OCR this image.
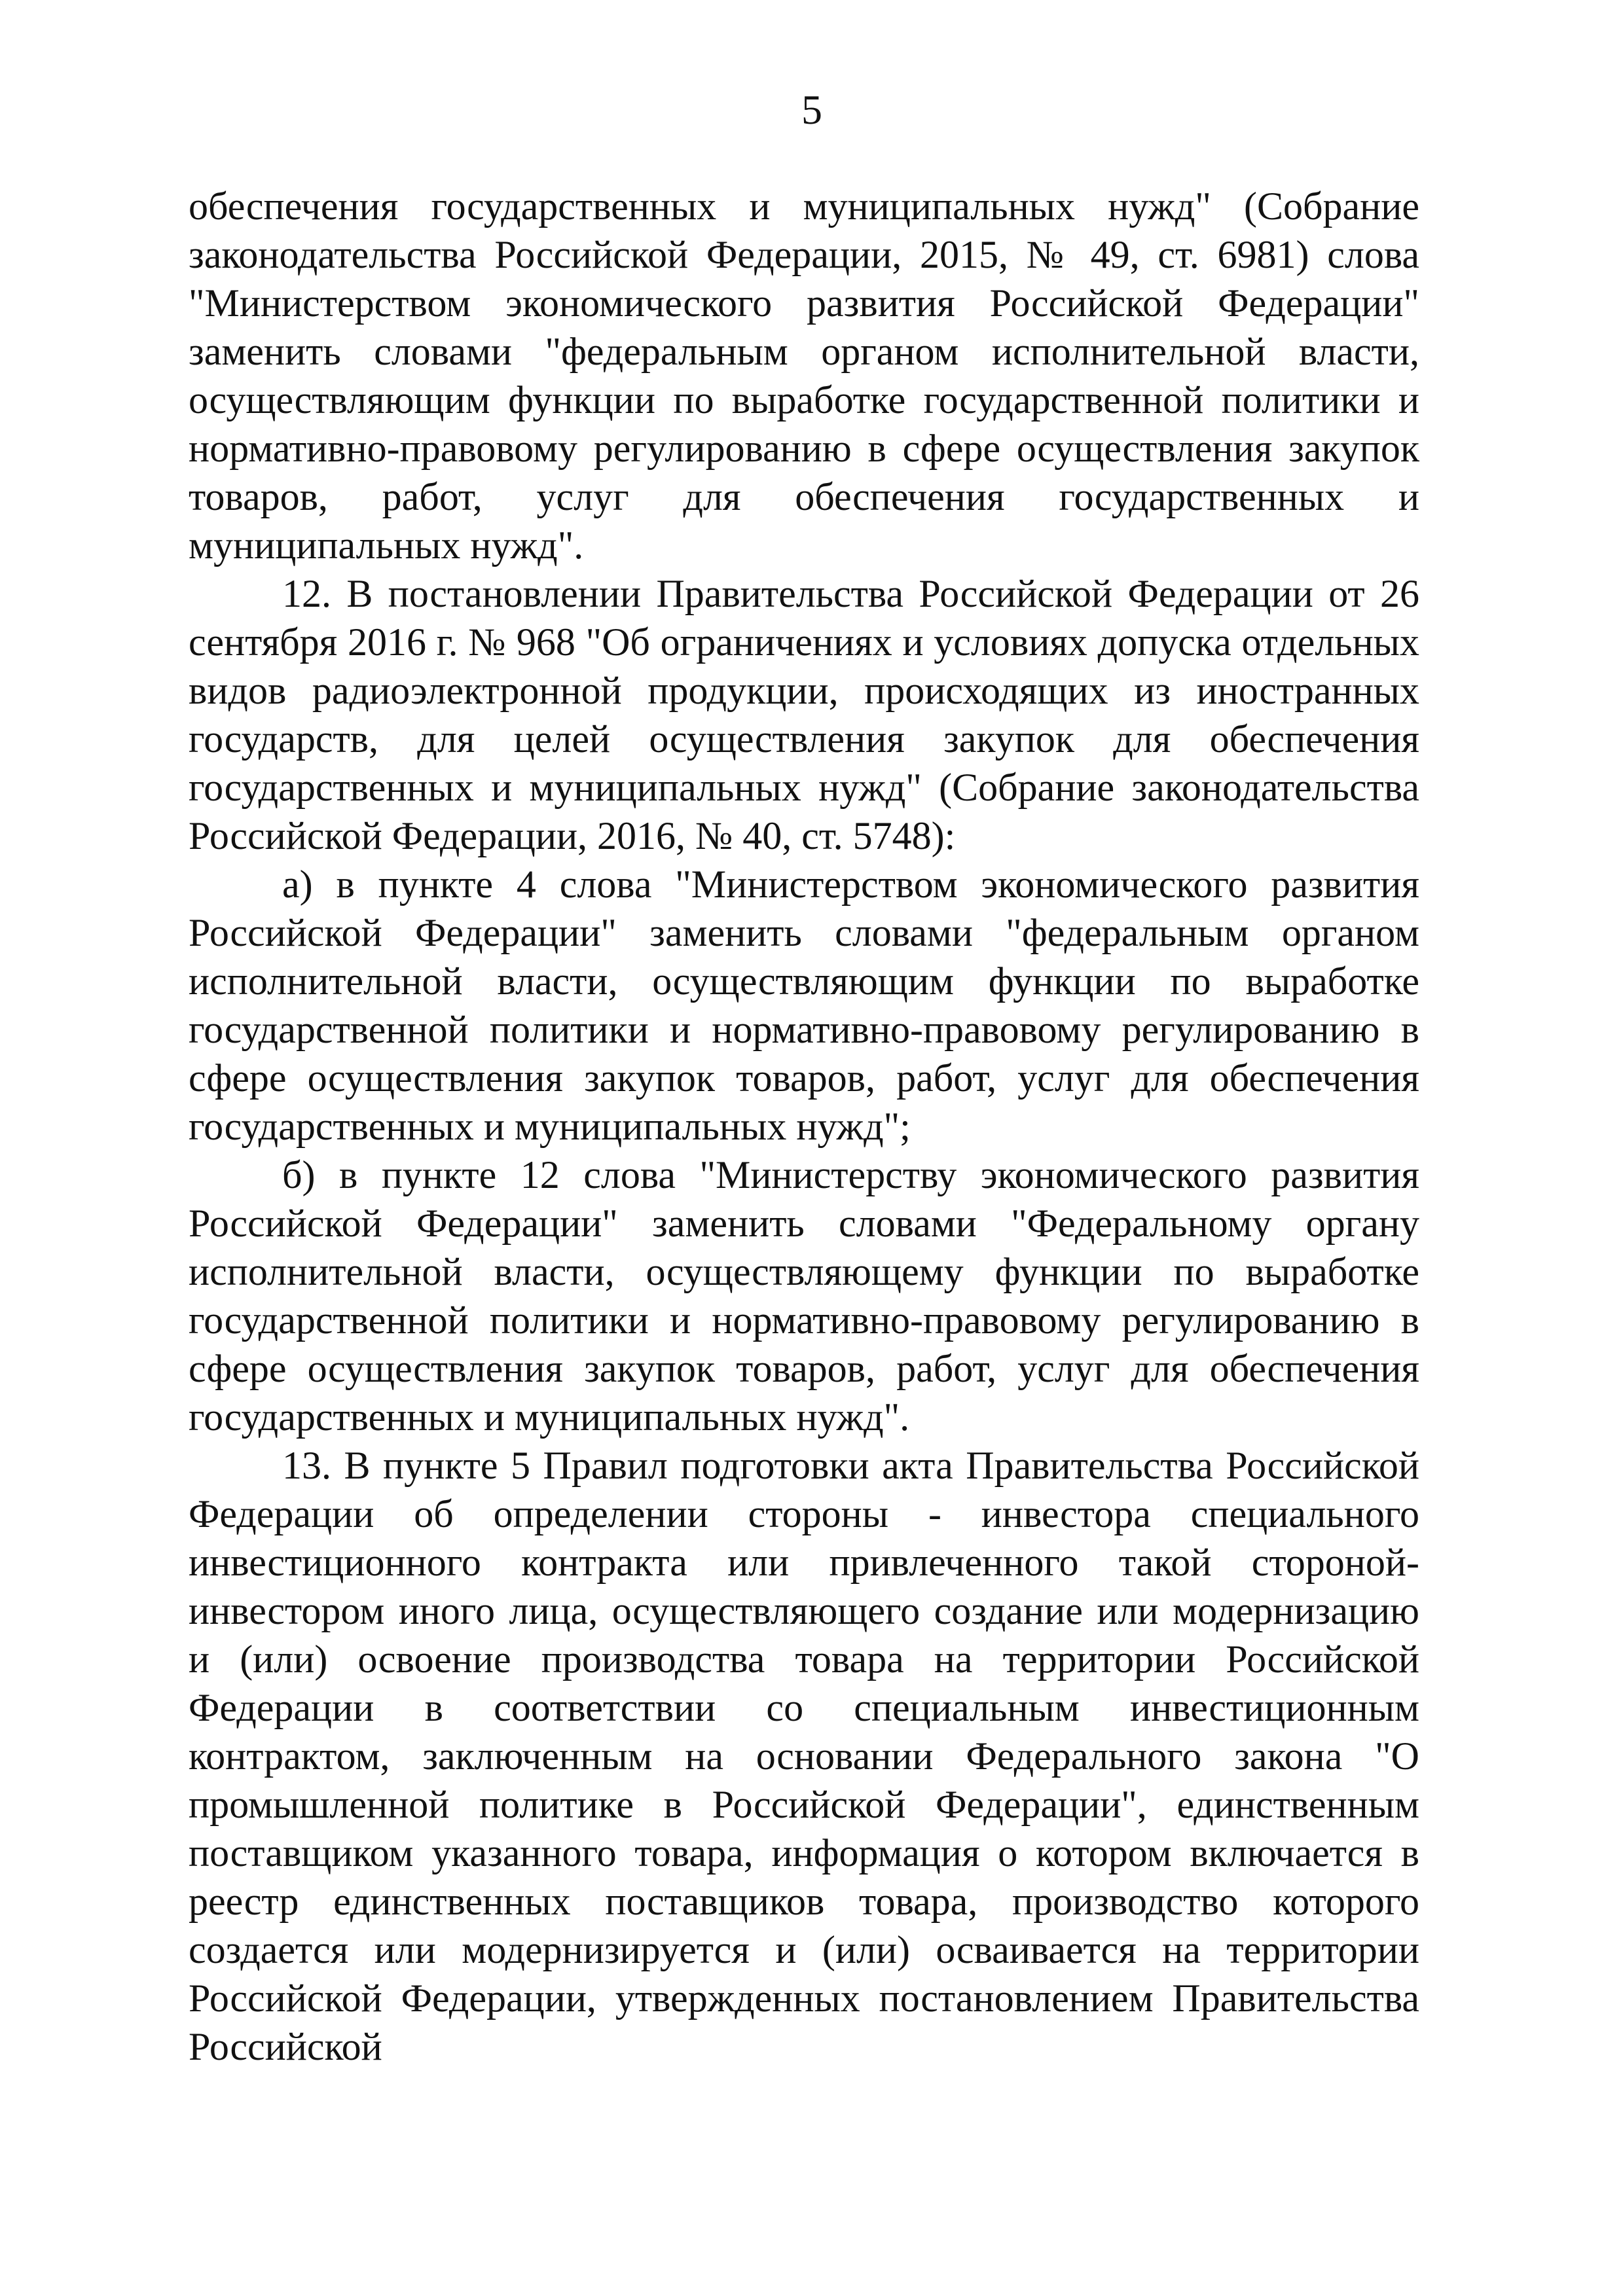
5

обеспечения государственных и муниципальных нужд" (Собрание законодательства Российской Федерации, 2015, № 49, ст. 6981) слова "Министерством экономического развития Российской Федерации" заменить словами "федеральным органом исполнительной власти, осуществляющим функции по выработке государственной политики и нормативно-правовому регулированию в сфере осуществления закупок товаров, работ, услуг для обеспечения государственных и муниципальных нужд".

12. В постановлении Правительства Российской Федерации от 26 сентября 2016 г. № 968 "Об ограничениях и условиях допуска отдельных видов радиоэлектронной продукции, происходящих из иностранных государств, для целей осуществления закупок для обеспечения государственных и муниципальных нужд" (Собрание законодательства Российской Федерации, 2016, № 40, ст. 5748):

а) в пункте 4 слова "Министерством экономического развития Российской Федерации" заменить словами "федеральным органом исполнительной власти, осуществляющим функции по выработке государственной политики и нормативно-правовому регулированию в сфере осуществления закупок товаров, работ, услуг для обеспечения государственных и муниципальных нужд";

б) в пункте 12 слова "Министерству экономического развития Российской Федерации" заменить словами "Федеральному органу исполнительной власти, осуществляющему функции по выработке государственной политики и нормативно-правовому регулированию в сфере осуществления закупок товаров, работ, услуг для обеспечения государственных и муниципальных нужд".

13. В пункте 5 Правил подготовки акта Правительства Российской Федерации об определении стороны - инвестора специального инвестиционного контракта или привлеченного такой стороной-инвестором иного лица, осуществляющего создание или модернизацию и (или) освоение производства товара на территории Российской Федерации в соответствии со специальным инвестиционным контрактом, заключенным на основании Федерального закона "О промышленной политике в Российской Федерации", единственным поставщиком указанного товара, информация о котором включается в реестр единственных поставщиков товара, производство которого создается или модернизируется и (или) осваивается на территории Российской Федерации, утвержденных постановлением Правительства Российской
